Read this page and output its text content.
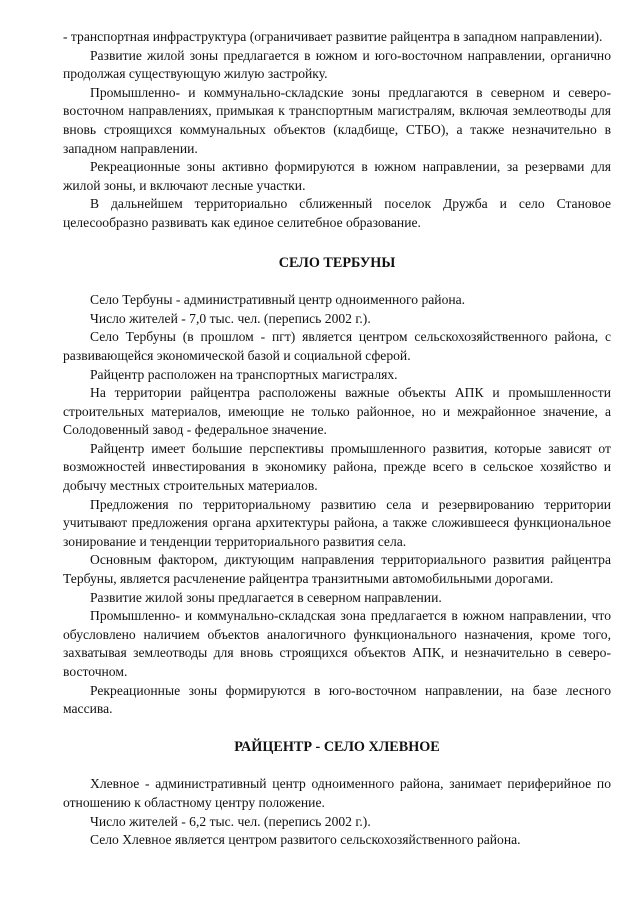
- транспортная инфраструктура (ограничивает развитие райцентра в западном направлении).

Развитие жилой зоны предлагается в южном и юго-восточном направлении, органично продолжая существующую жилую застройку.

Промышленно- и коммунально-складские зоны предлагаются в северном и северо-восточном направлениях, примыкая к транспортным магистралям, включая землеотводы для вновь строящихся коммунальных объектов (кладбище, СТБО), а также незначительно в западном направлении.

Рекреационные зоны активно формируются в южном направлении, за резервами для жилой зоны, и включают лесные участки.

В дальнейшем территориально сближенный поселок Дружба и село Становое целесообразно развивать как единое селитебное образование.

СЕЛО ТЕРБУНЫ

Село Тербуны - административный центр одноименного района.

Число жителей - 7,0 тыс. чел. (перепись 2002 г.).

Село Тербуны (в прошлом - пгт) является центром сельскохозяйственного района, с развивающейся экономической базой и социальной сферой.

Райцентр расположен на транспортных магистралях.

На территории райцентра расположены важные объекты АПК и промышленности строительных материалов, имеющие не только районное, но и межрайонное значение, а Солодовенный завод - федеральное значение.

Райцентр имеет большие перспективы промышленного развития, которые зависят от возможностей инвестирования в экономику района, прежде всего в сельское хозяйство и добычу местных строительных материалов.

Предложения по территориальному развитию села и резервированию территории учитывают предложения органа архитектуры района, а также сложившееся функциональное зонирование и тенденции территориального развития села.

Основным фактором, диктующим направления территориального развития райцентра Тербуны, является расчленение райцентра транзитными автомобильными дорогами.

Развитие жилой зоны предлагается в северном направлении.

Промышленно- и коммунально-складская зона предлагается в южном направлении, что обусловлено наличием объектов аналогичного функционального назначения, кроме того, захватывая землеотводы для вновь строящихся объектов АПК, и незначительно в северо-восточном.

Рекреационные зоны формируются в юго-восточном направлении, на базе лесного массива.

РАЙЦЕНТР - СЕЛО ХЛЕВНОЕ

Хлевное - административный центр одноименного района, занимает периферийное по отношению к областному центру положение.

Число жителей - 6,2 тыс. чел. (перепись 2002 г.).

Село Хлевное является центром развитого сельскохозяйственного района.
